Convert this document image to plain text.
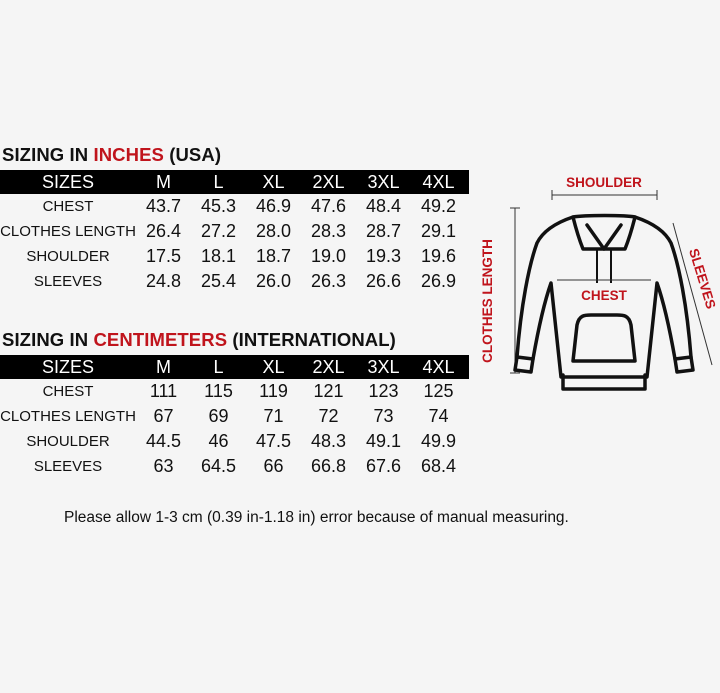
SIZING IN INCHES (USA)
SIZES	M	L	XL	2XL	3XL	4XL
CHEST	43.7	45.3	46.9	47.6	48.4	49.2
CLOTHES LENGTH 26.4	27.2	28.0	28.3	28.7	29.1
SHOULDER	17.5	18.1	18.7	19.0	19.3	19.6
SLEEVES	24.8	25.4	26.0	26.3	26.6	26.9
SIZING IN CENTIMETERS (INTERNATIONAL)
SIZES	M	L	XL	2XL	3XL	4XL
CHEST	111	115	119	121	123	125
CLOTHES LENGTH 67	69	71	72	73	74
SHOULDER	44.5	46	47.5	48.3	49.1	49.9
SLEEVES	63	64.5	66	66.8	67.6	68.4
SHOULDER
CLOTHES LENGTH	SLEEVES
CHEST
Please allow 1-3 cm (0.39 in-1.18 in) error because of manual measuring.
